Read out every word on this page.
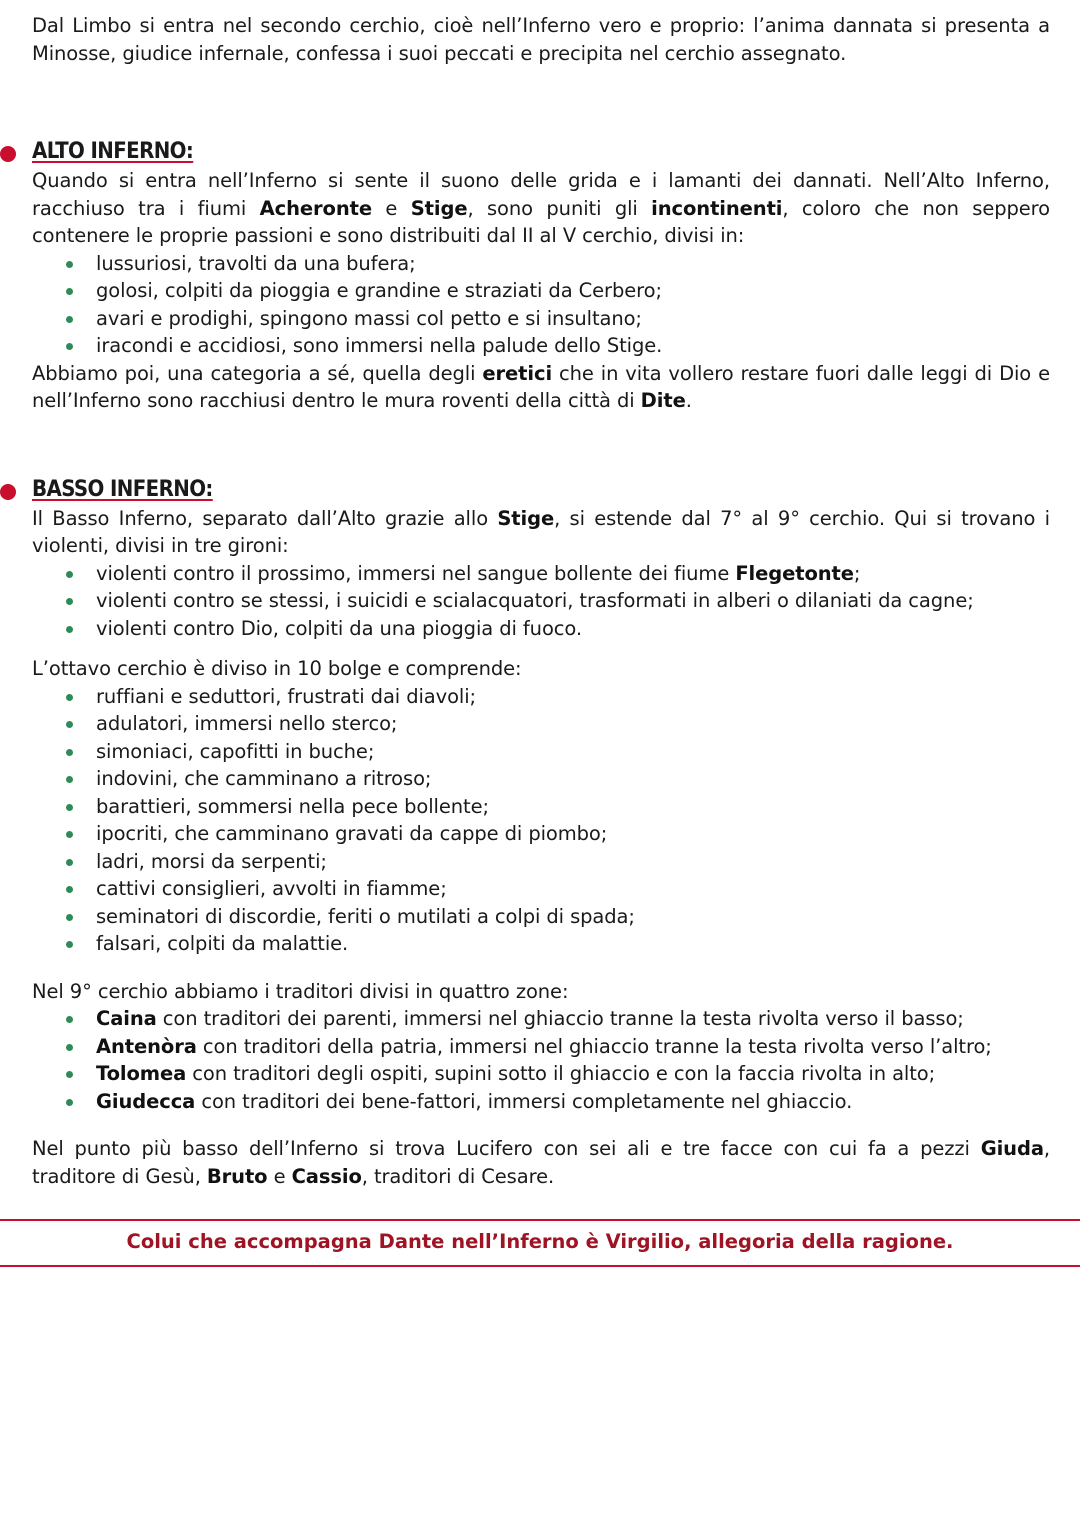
Dal Limbo si entra nel secondo cerchio, cioè nell’Inferno vero e proprio: l’anima dannata si presenta a Minosse, giudice infernale, confessa i suoi peccati e precipita nel cerchio assegnato.

ALTO INFERNO:

Quando si entra nell’Inferno si sente il suono delle grida e i lamanti dei dannati. Nell’Alto Inferno, racchiuso tra i fiumi Acheronte e Stige, sono puniti gli incontinenti, coloro che non seppero contenere le proprie passioni e sono distribuiti dal II al V cerchio, divisi in:

lussuriosi, travolti da una bufera;
golosi, colpiti da pioggia e grandine e straziati da Cerbero;
avari e prodighi, spingono massi col petto e si insultano;
iracondi e accidiosi, sono immersi nella palude dello Stige.

Abbiamo poi, una categoria a sé, quella degli eretici che in vita vollero restare fuori dalle leggi di Dio e nell’Inferno sono racchiusi dentro le mura roventi della città di Dite.

BASSO INFERNO:

Il Basso Inferno, separato dall’Alto grazie allo Stige, si estende dal 7° al 9° cerchio. Qui si trovano i violenti, divisi in tre gironi:

violenti contro il prossimo, immersi nel sangue bollente dei fiume Flegetonte;
violenti contro se stessi, i suicidi e scialacquatori, trasformati in alberi o dilaniati da cagne;
violenti contro Dio, colpiti da una pioggia di fuoco.

L’ottavo cerchio è diviso in 10 bolge e comprende:

ruffiani e seduttori, frustrati dai diavoli;
adulatori, immersi nello sterco;
simoniaci, capofitti in buche;
indovini, che camminano a ritroso;
barattieri, sommersi nella pece bollente;
ipocriti, che camminano gravati da cappe di piombo;
ladri, morsi da serpenti;
cattivi consiglieri, avvolti in fiamme;
seminatori di discordie, feriti o mutilati a colpi di spada;
falsari, colpiti da malattie.

Nel 9° cerchio abbiamo i traditori divisi in quattro zone:

Caina con traditori dei parenti, immersi nel ghiaccio tranne la testa rivolta verso il basso;
Antenòra con traditori della patria, immersi nel ghiaccio tranne la testa rivolta verso l’altro;
Tolomea con traditori degli ospiti, supini sotto il ghiaccio e con la faccia rivolta in alto;
Giudecca con traditori dei bene-fattori, immersi completamente nel ghiaccio.

Nel punto più basso dell’Inferno si trova Lucifero con sei ali e tre facce con cui fa a pezzi Giuda, traditore di Gesù, Bruto e Cassio, traditori di Cesare.

Colui che accompagna Dante nell’Inferno è Virgilio, allegoria della ragione.
